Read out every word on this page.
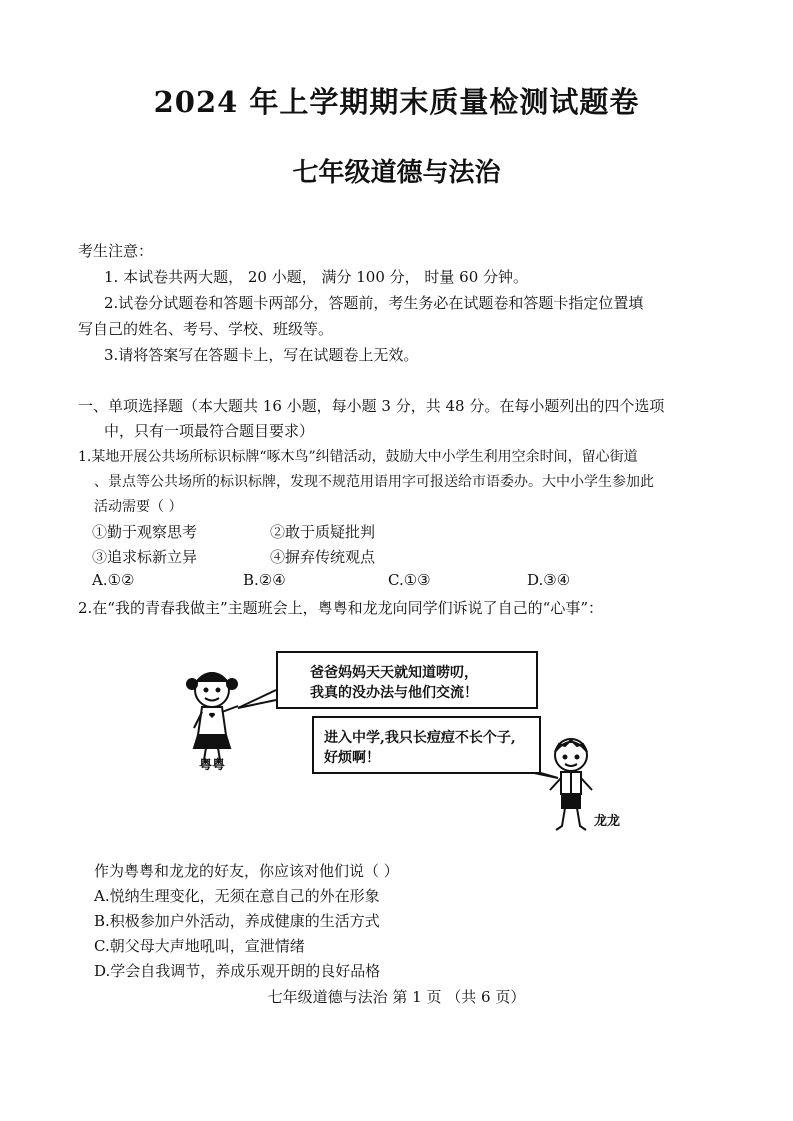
2024 年上学期期末质量检测试题卷
七年级道德与法治
考生注意：
1. 本试卷共两大题， 20 小题， 满分 100 分， 时量 60 分钟。
2.试卷分试题卷和答题卡两部分，答题前，考生务必在试题卷和答题卡指定位置填
写自己的姓名、考号、学校、班级等。
3.请将答案写在答题卡上，写在试题卷上无效。
一、单项选择题（本大题共 16 小题，每小题 3 分，共 48 分。在每小题列出的四个选项
中，只有一项最符合题目要求）
1.某地开展公共场所标识标牌“啄木鸟”纠错活动，鼓励大中小学生利用空余时间，留心街道
、景点等公共场所的标识标牌，发现不规范用语用字可报送给市语委办。大中小学生参加此
活动需要（ ）
①勤于观察思考	②敢于质疑批判
③追求标新立异	④摒弃传统观点
A.①②	B.②④	C.①③	D.③④
2.在“我的青春我做主”主题班会上，粤粤和龙龙向同学们诉说了自己的“心事”：
爸爸妈妈天天就知道唠叨，
我真的没办法与他们交流！
进入中学,我只长痘痘不长个子,
好烦啊！
粤粤
龙龙
作为粤粤和龙龙的好友，你应该对他们说（ ）
A.悦纳生理变化，无须在意自己的外在形象
B.积极参加户外活动，养成健康的生活方式
C.朝父母大声地吼叫，宣泄情绪
D.学会自我调节，养成乐观开朗的良好品格
七年级道德与法治 第 1 页 （共 6 页）
